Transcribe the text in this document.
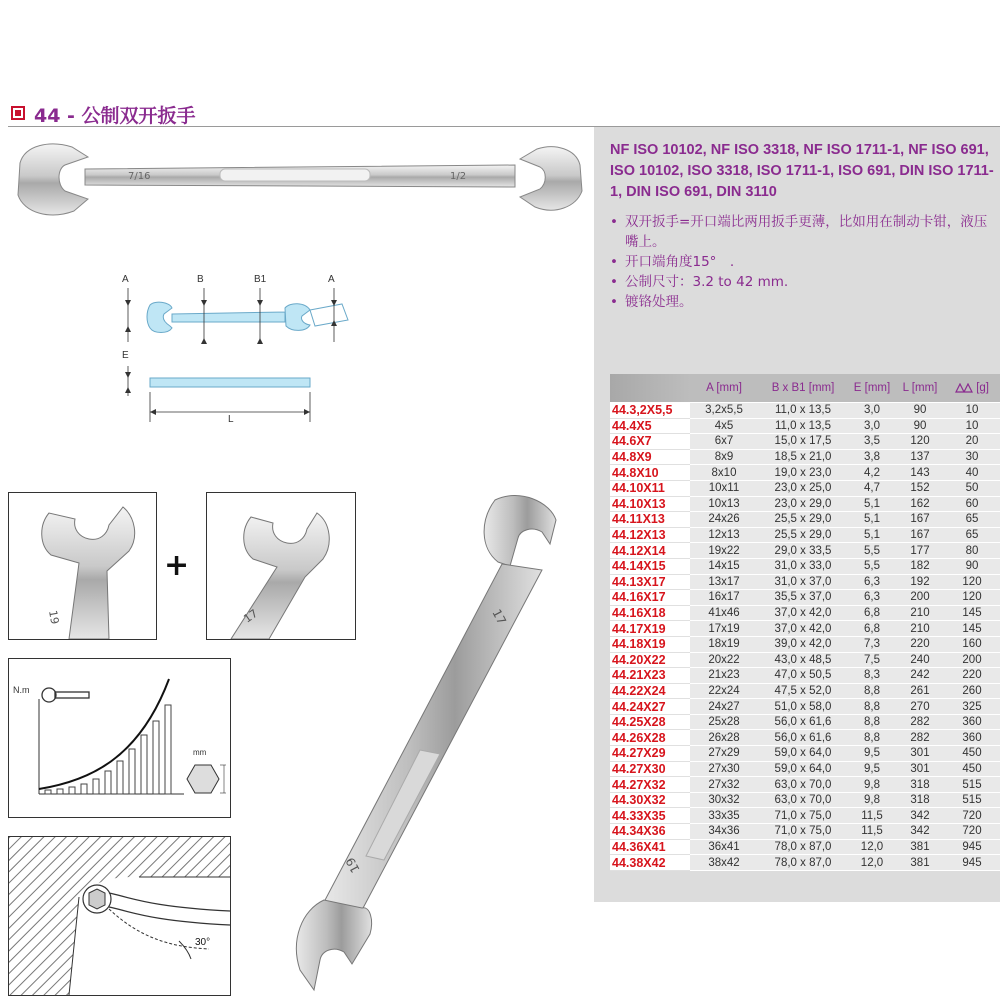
44 - 公制双开扳手
NF ISO 10102, NF ISO 3318, NF ISO 1711-1, NF ISO 691, ISO 10102, ISO 3318, ISO 1711-1, ISO 691, DIN ISO 1711-1, DIN ISO 691, DIN 3110
• 双开扳手=开口端比两用扳手更薄，比如用在制动卡钳，液压嘴上。
• 开口端角度15°　.
• 公制尺寸：3.2 to 42 mm.
• 镀铬处理。
	A [mm]	B x B1 [mm]	E [mm]	L [mm]	[g]
44.3,2X5,5	3,2x5,5	11,0 x 13,5	3,0	90	10
44.4X5	4x5	11,0 x 13,5	3,0	90	10
44.6X7	6x7	15,0 x 17,5	3,5	120	20
44.8X9	8x9	18,5 x 21,0	3,8	137	30
44.8X10	8x10	19,0 x 23,0	4,2	143	40
44.10X11	10x11	23,0 x 25,0	4,7	152	50
44.10X13	10x13	23,0 x 29,0	5,1	162	60
44.11X13	24x26	25,5 x 29,0	5,1	167	65
44.12X13	12x13	25,5 x 29,0	5,1	167	65
44.12X14	19x22	29,0 x 33,5	5,5	177	80
44.14X15	14x15	31,0 x 33,0	5,5	182	90
44.13X17	13x17	31,0 x 37,0	6,3	192	120
44.16X17	16x17	35,5 x 37,0	6,3	200	120
44.16X18	41x46	37,0 x 42,0	6,8	210	145
44.17X19	17x19	37,0 x 42,0	6,8	210	145
44.18X19	18x19	39,0 x 42,0	7,3	220	160
44.20X22	20x22	43,0 x 48,5	7,5	240	200
44.21X23	21x23	47,0 x 50,5	8,3	242	220
44.22X24	22x24	47,5 x 52,0	8,8	261	260
44.24X27	24x27	51,0 x 58,0	8,8	270	325
44.25X28	25x28	56,0 x 61,6	8,8	282	360
44.26X28	26x28	56,0 x 61,6	8,8	282	360
44.27X29	27x29	59,0 x 64,0	9,5	301	450
44.27X30	27x30	59,0 x 64,0	9,5	301	450
44.27X32	27x32	63,0 x 70,0	9,8	318	515
44.30X32	30x32	63,0 x 70,0	9,8	318	515
44.33X35	33x35	71,0 x 75,0	11,5	342	720
44.34X36	34x36	71,0 x 75,0	11,5	342	720
44.36X41	36x41	78,0 x 87,0	12,0	381	945
44.38X42	38x42	78,0 x 87,0	12,0	381	945
7/16	1/2
A	B	B1	A
E
L
19
+
17
N.m
mm
30°
17
19
